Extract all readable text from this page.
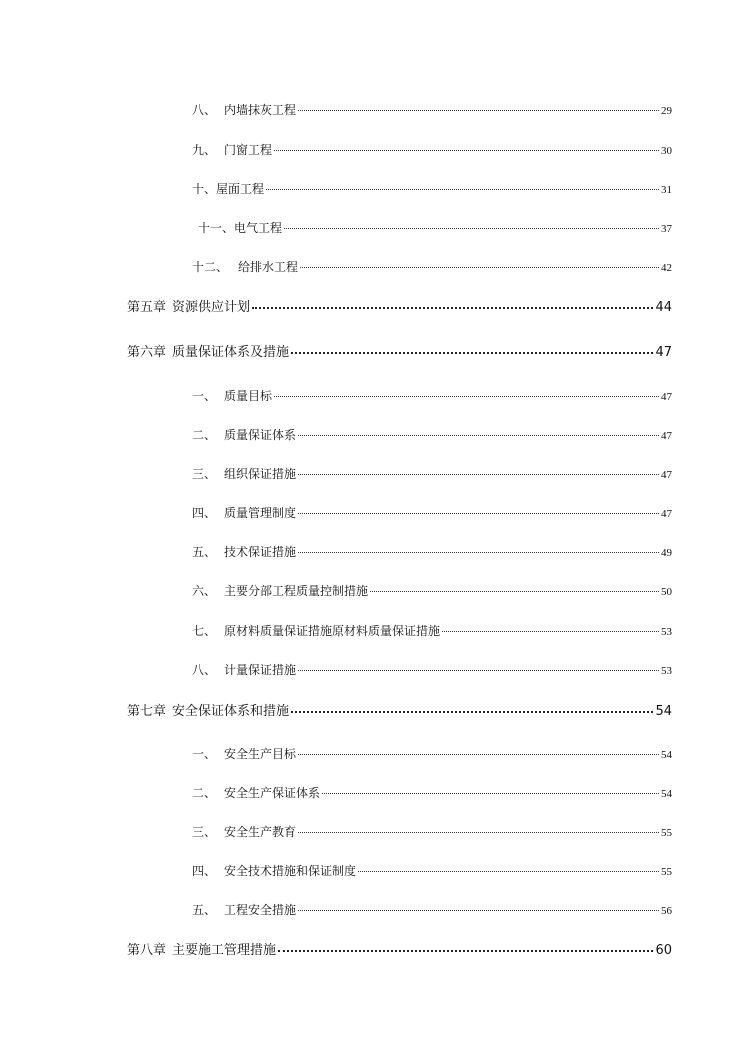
八、 内墙抹灰工程	29
九、 门窗工程	30
十、 屋面工程	31
十一、 电气工程	37
十二、 给排水工程	42
第五章 资源供应计划	44
第六章 质量保证体系及措施	47
一、 质量目标	47
二、 质量保证体系	47
三、 组织保证措施	47
四、 质量管理制度	47
五、 技术保证措施	49
六、 主要分部工程质量控制措施	50
七、 原材料质量保证措施原材料质量保证措施	53
八、 计量保证措施	53
第七章 安全保证体系和措施	54
一、 安全生产目标	54
二、 安全生产保证体系	54
三、 安全生产教育	55
四、 安全技术措施和保证制度	55
五、 工程安全措施	56
第八章 主要施工管理措施	60
